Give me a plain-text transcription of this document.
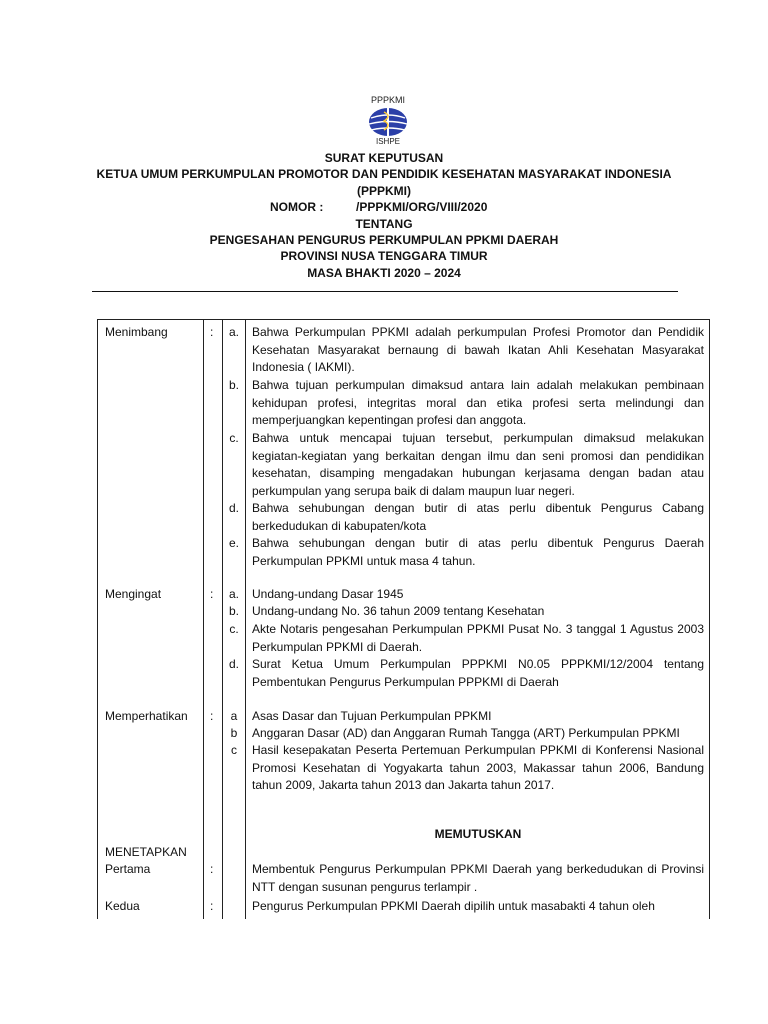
PPPKMI
ISHPE
SURAT KEPUTUSAN
KETUA UMUM PERKUMPULAN PROMOTOR DAN PENDIDIK KESEHATAN MASYARAKAT INDONESIA
(PPPKMI)
NOMOR :	/PPPKMI/ORG/VIII/2020
TENTANG
PENGESAHAN PENGURUS PERKUMPULAN PPKMI DAERAH
PROVINSI NUSA TENGGARA TIMUR
MASA BHAKTI 2020 – 2024
Menimbang	:	a.	Bahwa Perkumpulan PPKMI adalah perkumpulan Profesi Promotor dan Pendidik Kesehatan Masyarakat bernaung di bawah Ikatan Ahli Kesehatan Masyarakat Indonesia ( IAKMI).
b.	Bahwa tujuan perkumpulan dimaksud antara lain adalah melakukan pembinaan kehidupan profesi, integritas moral dan etika profesi serta melindungi dan memperjuangkan kepentingan profesi dan anggota.
c.	Bahwa untuk mencapai tujuan tersebut, perkumpulan dimaksud melakukan kegiatan-kegiatan yang berkaitan dengan ilmu dan seni promosi dan pendidikan kesehatan, disamping mengadakan hubungan kerjasama dengan badan atau perkumpulan yang serupa baik di dalam maupun luar negeri.
d.	Bahwa sehubungan dengan butir di atas perlu dibentuk Pengurus Cabang berkedudukan di kabupaten/kota
e.	Bahwa sehubungan dengan butir di atas perlu dibentuk Pengurus Daerah Perkumpulan PPKMI untuk masa 4 tahun.
Mengingat	:	a.	Undang-undang Dasar 1945
b.	Undang-undang No. 36 tahun 2009 tentang Kesehatan
c.	Akte Notaris pengesahan Perkumpulan PPKMI Pusat No. 3 tanggal 1 Agustus 2003 Perkumpulan PPKMI di Daerah.
d.	Surat Ketua Umum Perkumpulan PPPKMI N0.05 PPPKMI/12/2004 tentang Pembentukan Pengurus Perkumpulan PPPKMI di Daerah
Memperhatikan :	a	Asas Dasar dan Tujuan Perkumpulan PPKMI
b	Anggaran Dasar (AD) dan Anggaran Rumah Tangga (ART) Perkumpulan PPKMI
c	Hasil kesepakatan Peserta Pertemuan Perkumpulan PPKMI di Konferensi Nasional Promosi Kesehatan di Yogyakarta tahun 2003, Makassar tahun 2006, Bandung tahun 2009, Jakarta tahun 2013 dan Jakarta tahun 2017.
MEMUTUSKAN
MENETAPKAN
Pertama	:	Membentuk Pengurus Perkumpulan PPKMI Daerah yang berkedudukan di Provinsi NTT dengan susunan pengurus terlampir .
Kedua	:	Pengurus Perkumpulan PPKMI Daerah dipilih untuk masabakti 4 tahun oleh
